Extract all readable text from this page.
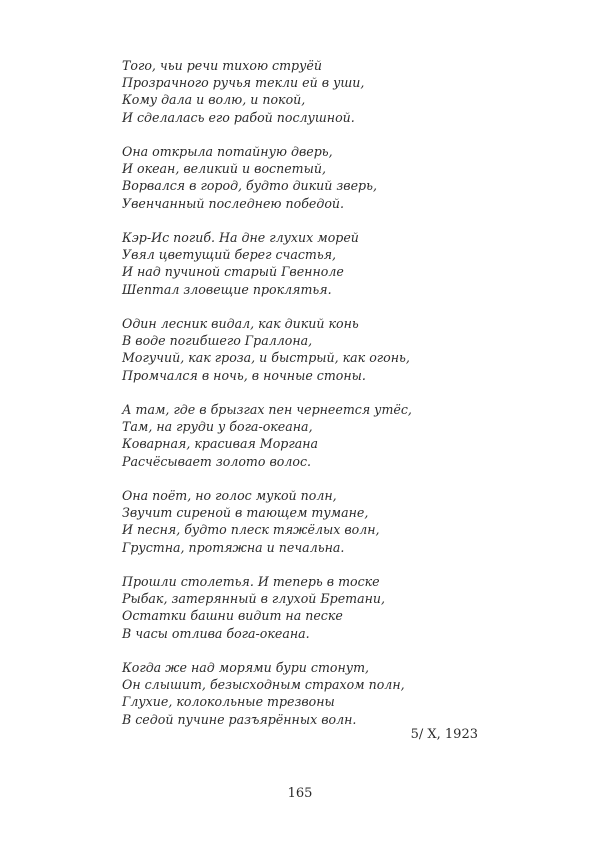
Того, чьи речи тихою струёй
Прозрачного ручья текли ей в уши,
Кому дала и волю, и покой,
И сделалась его рабой послушной.
Она открыла потайную дверь,
И океан, великий и воспетый,
Ворвался в город, будто дикий зверь,
Увенчанный последнею победой.
Кэр-Ис погиб. На дне глухих морей
Увял цветущий берег счастья,
И над пучиной старый Гвенноле
Шептал зловещие проклятья.
Один лесник видал, как дикий конь
В воде погибшего Граллона,
Могучий, как гроза, и быстрый, как огонь,
Промчался в ночь, в ночные стоны.
А там, где в брызгах пен чернеется утёс,
Там, на груди у бога-океана,
Коварная, красивая Моргана
Расчёсывает золото волос.
Она поёт, но голос мукой полн,
Звучит сиреной в тающем тумане,
И песня, будто плеск тяжёлых волн,
Грустна, протяжна и печальна.
Прошли столетья. И теперь в тоске
Рыбак, затерянный в глухой Бретани,
Остатки башни видит на песке
В часы отлива бога-океана.
Когда же над морями бури стонут,
Он слышит, безысходным страхом полн,
Глухие, колокольные трезвоны
В седой пучине разъярённых волн.
5/ X, 1923
165
